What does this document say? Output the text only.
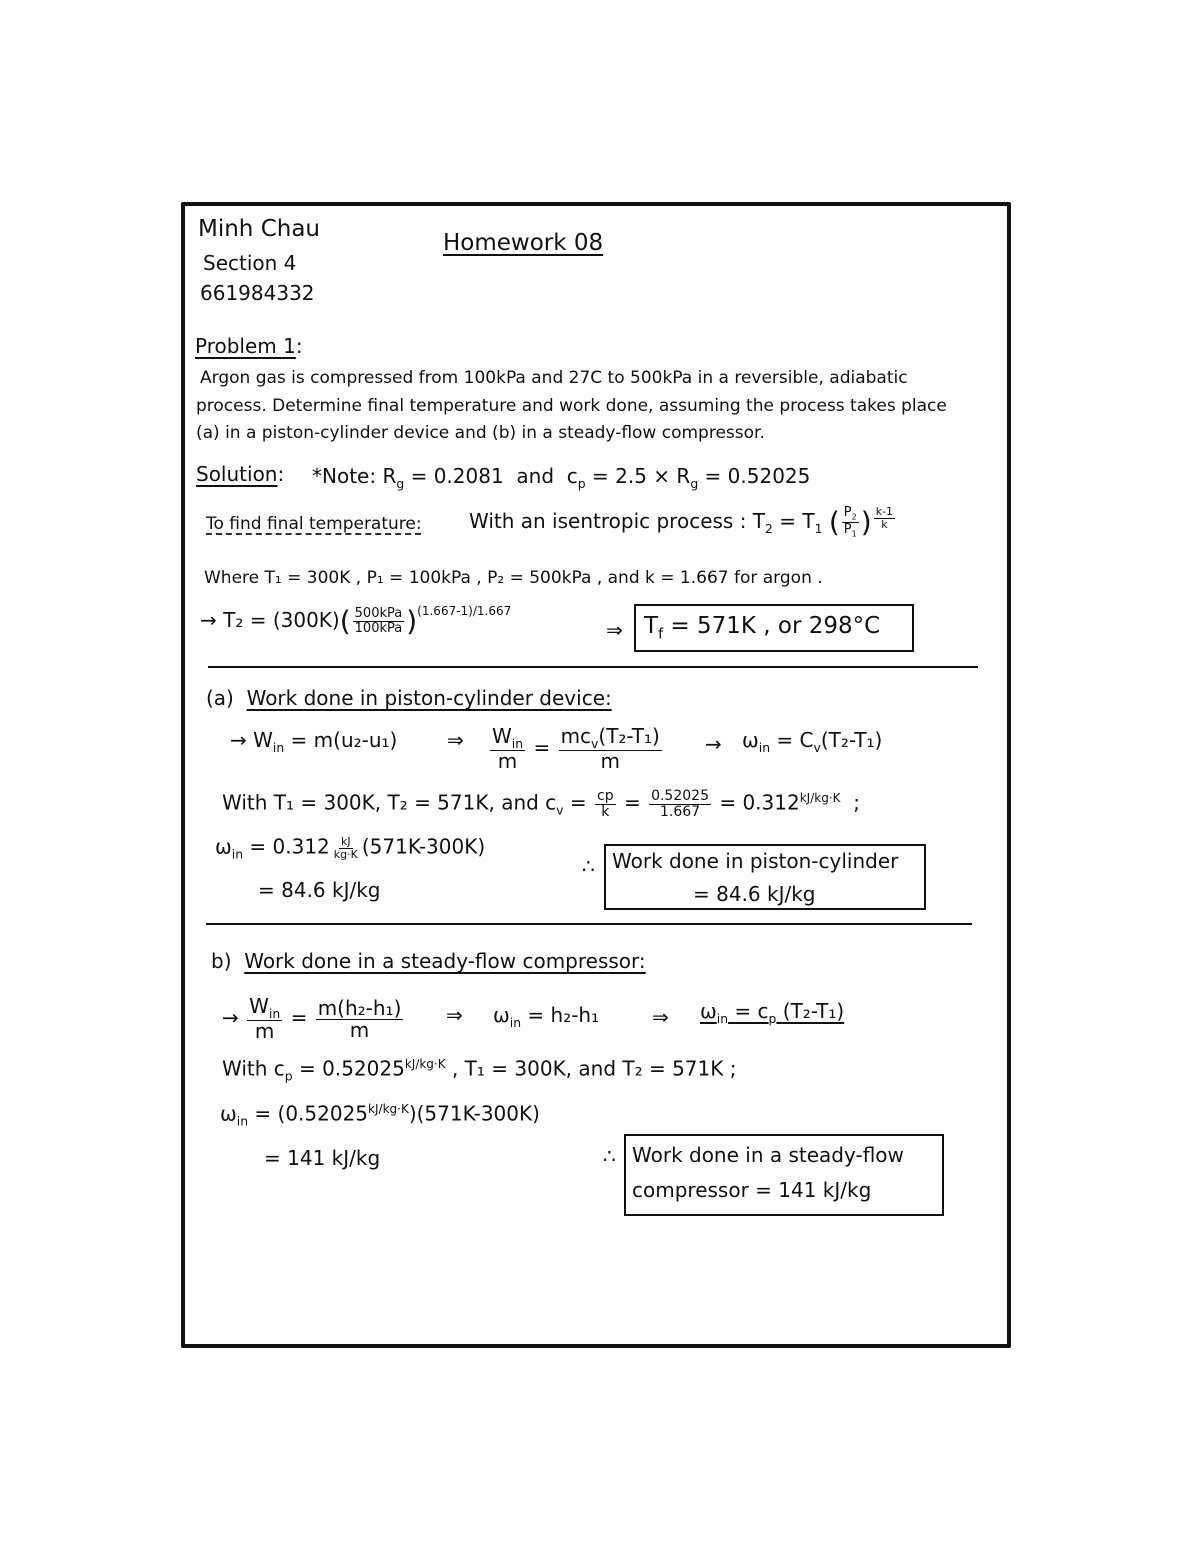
Minh Chau
Section 4
661984332
Homework 08
Problem 1:
Argon gas is compressed from 100kPa and 27C to 500kPa in a reversible, adiabatic
process. Determine final temperature and work done, assuming the process takes place
(a) in a piston-cylinder device and (b) in a steady-flow compressor.
Solution: *Note: $R_g = 0.2081$ and $c_p = 2.5 \times R_g = 0.52025$
To find final temperature: With an isentropic process : $T_2 = T_1$ ( $\frac{P_2}{P_1}$ ) $\frac{k-1}{k}$
Where T₁ = 300K , P₁ = 100kPa , P₂ = 500kPa , and k = 1.667 for argon .
→ $T_2 = (300K)( \frac{\text{500kPa}}{\text{100kPa}} )^{(1.667-1)/1.667}$
⇒ $T_f = 571K$ , or 298°C
(a) Work done in piston-cylinder device:
→ $W_{in} = m(u_2-u_1)$ ⇒ $\frac{W_{in}}{m} = \frac{mc_v(T_2-T_1)}{m} \to \omega_{in} = C_v(T_2-T_1)$
With T₁ = 300K, T₂ = 571K, and $c_v = \frac{cp}{k} = \frac{0.52025}{1.667} = 0.312^{kJ/kg\cdot K}$ ;
$\omega_{in} = 0.312 \frac{kJ}{kg\cdot K} (571K-300K)$
= 84.6 kJ/kg
∴ Work done in piston-cylinder
= 84.6 kJ/kg
b) Work done in a steady-flow compressor:
→ $\frac{W_{in}}{m} = \frac{\text{m(h₂-h₁)}}{m}$ ⇒ $\omega_{in} = h_2-h_1$	⇒ $\omega_{in} = c_p$ (T₂-T₁)
With $c_p = 0.52025^{kJ/kg\cdot K}$ , T₁ = 300K, and T₂ = 571K ;
$\omega_{in} = (0.52025^{kJ/kg\cdot K})(571K-300K)$
= 141 kJ/kg	∴ Work done in a steady-flow
compressor = 141 kJ/kg
